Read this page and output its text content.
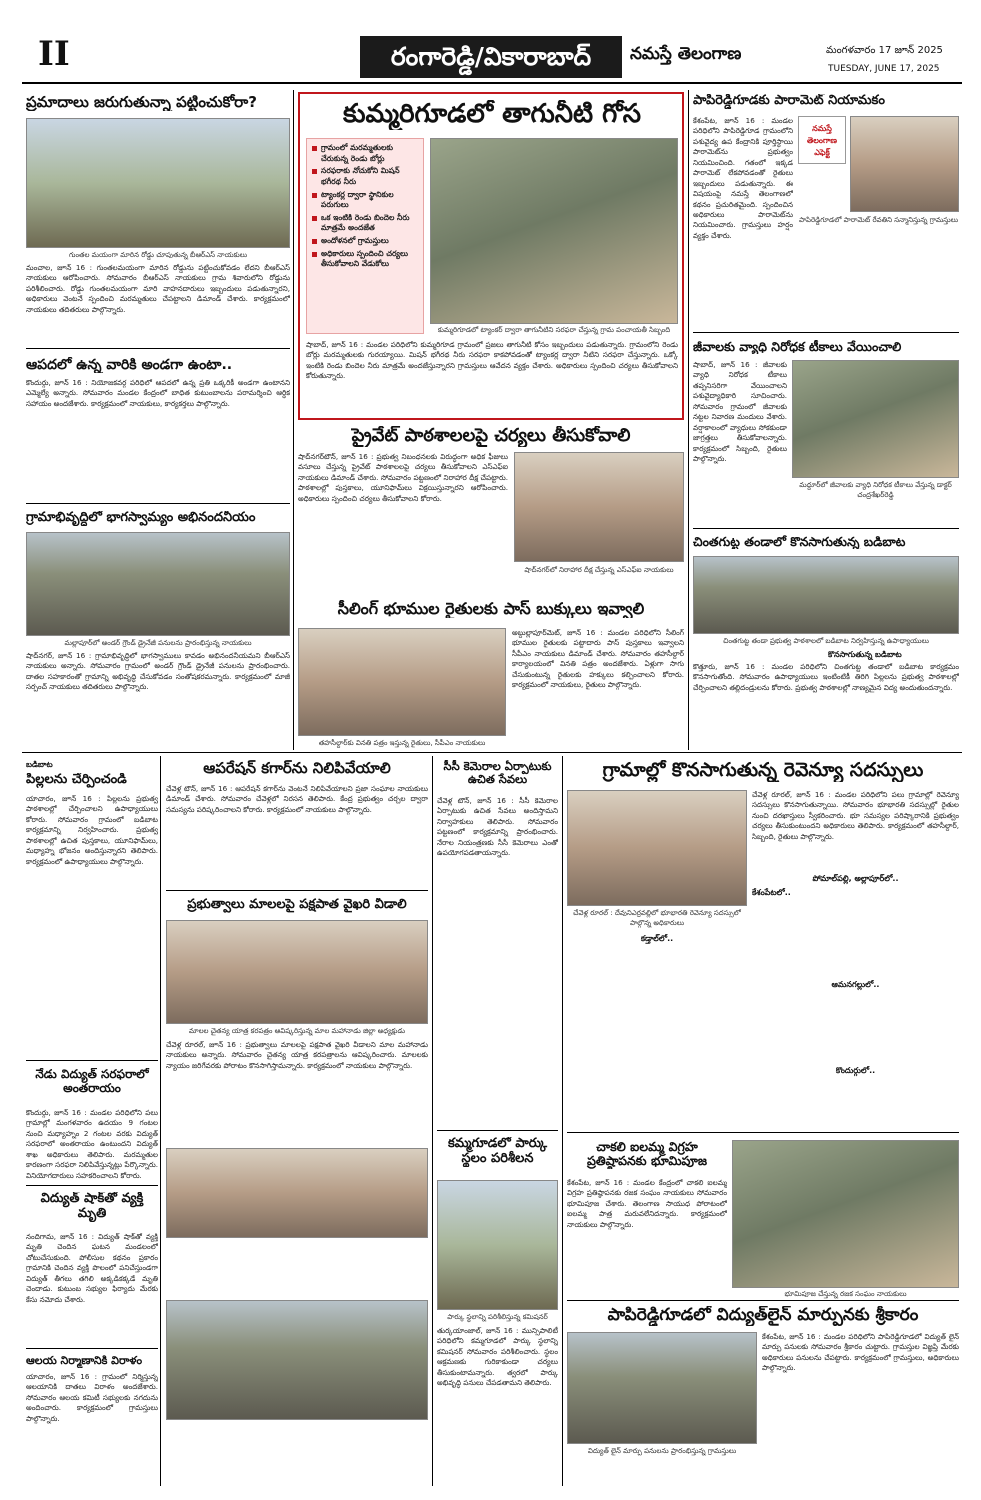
II	రంగారెడ్డి/వికారాబాద్	నమస్తే తెలంగాణ	మంగళవారం 17 జూన్ 2025
TUESDAY, JUNE 17, 2025
ప్రమాదాలు జరుగుతున్నా పట్టించుకోరా?
గుంతల మయంగా మారిన రోడ్డు చూపుతున్న బీఆర్‌ఎస్ నాయకులు
మంచాల, జూన్ 16 : గుంతలమయంగా మారిన రోడ్డును పట్టించుకోవడం లేదని బీఆర్‌ఎస్ నాయకులు ఆరోపించారు. సోమవారం బీఆర్‌ఎస్ నాయకులు గ్రామ శివారులోని రోడ్డును పరిశీలించారు. రోడ్డు గుంతలమయంగా మారి వాహనదారులు ఇబ్బందులు పడుతున్నారని, అధికారులు వెంటనే స్పందించి మరమ్మతులు చేపట్టాలని డిమాండ్ చేశారు. కార్యక్రమంలో నాయకులు తదితరులు పాల్గొన్నారు.
ఆపదలో ఉన్న వారికి అండగా ఉంటా..
కొందుర్గు, జూన్ 16 : నియోజకవర్గ పరిధిలో ఆపదలో ఉన్న ప్రతి ఒక్కరికీ అండగా ఉంటానని ఎమ్మెల్యే అన్నారు. సోమవారం మండల కేంద్రంలో బాధిత కుటుంబాలను పరామర్శించి ఆర్థిక సహాయం అందజేశారు. కార్యక్రమంలో నాయకులు, కార్యకర్తలు పాల్గొన్నారు.
గ్రామాభివృద్ధిలో భాగస్వామ్యం అభినందనీయం
మల్లాపూర్‌లో అండర్ గ్రౌండ్ డ్రైనేజీ పనులను ప్రారంభిస్తున్న నాయకులు
షాద్‌నగర్, జూన్ 16 : గ్రామాభివృద్ధిలో భాగస్వాములు కావడం అభినందనీయమని బీఆర్‌ఎస్ నాయకులు అన్నారు. సోమవారం గ్రామంలో అండర్ గ్రౌండ్ డ్రైనేజీ పనులను ప్రారంభించారు. దాతల సహకారంతో గ్రామాన్ని అభివృద్ధి చేసుకోవడం సంతోషకరమన్నారు. కార్యక్రమంలో మాజీ సర్పంచ్ నాయకులు తదితరులు పాల్గొన్నారు.
కుమ్మరిగూడలో తాగునీటి గోస
గ్రామంలో మరమ్మతులకు చేరుకున్న రెండు బోర్లు
సరఫరాకు నోచుకోని మిషన్ భగీరథ నీరు
ట్యాంకర్ల ద్వారా స్థానికుల పరుగులు
ఒక ఇంటికి రెండు బిందెల నీరు మాత్రమే అందజేత
అందోళనలో గ్రామస్తులు
అధికారులు స్పందించి చర్యలు తీసుకోవాలని వేడుకోలు
కుమ్మరిగూడలో ట్యాంకర్ ద్వారా తాగునీటిని సరఫరా చేస్తున్న గ్రామ పంచాయతీ సిబ్బంది
షాబాద్, జూన్ 16 : మండల పరిధిలోని కుమ్మరిగూడ గ్రామంలో ప్రజలు తాగునీటి కోసం ఇబ్బందులు పడుతున్నారు. గ్రామంలోని రెండు బోర్లు మరమ్మతులకు గురయ్యాయి. మిషన్ భగీరథ నీరు సరఫరా కాకపోవడంతో ట్యాంకర్ల ద్వారా నీటిని సరఫరా చేస్తున్నారు. ఒక్కో ఇంటికి రెండు బిందెల నీరు మాత్రమే అందజేస్తున్నారని గ్రామస్తులు ఆవేదన వ్యక్తం చేశారు. అధికారులు స్పందించి చర్యలు తీసుకోవాలని కోరుతున్నారు.
ప్రైవేట్ పాఠశాలలపై చర్యలు తీసుకోవాలి
షాద్‌నగర్‌టౌన్, జూన్ 16 : ప్రభుత్వ నిబంధనలకు విరుద్ధంగా అధిక ఫీజులు వసూలు చేస్తున్న ప్రైవేట్ పాఠశాలలపై చర్యలు తీసుకోవాలని ఎస్‌ఎఫ్‌ఐ నాయకులు డిమాండ్ చేశారు. సోమవారం పట్టణంలో నిరాహార దీక్ష చేపట్టారు. పాఠశాలల్లో పుస్తకాలు, యూనిఫామ్‌లు విక్రయిస్తున్నారని ఆరోపించారు. అధికారులు స్పందించి చర్యలు తీసుకోవాలని కోరారు.
షాద్‌నగర్‌లో నిరాహార దీక్ష చేస్తున్న ఎస్‌ఎఫ్‌ఐ నాయకులు
సీలింగ్ భూముల రైతులకు పాస్ బుక్కులు ఇవ్వాలి
తహసీల్దార్‌కు వినతి పత్రం ఇస్తున్న రైతులు, సీపీఎం నాయకులు
అబ్దుల్లాపూర్‌మెట్, జూన్ 16 : మండల పరిధిలోని సీలింగ్ భూముల రైతులకు పట్టాదారు పాస్ పుస్తకాలు ఇవ్వాలని సీపీఎం నాయకులు డిమాండ్ చేశారు. సోమవారం తహసీల్దార్ కార్యాలయంలో వినతి పత్రం అందజేశారు. ఏళ్లుగా సాగు చేసుకుంటున్న రైతులకు హక్కులు కల్పించాలని కోరారు. కార్యక్రమంలో నాయకులు, రైతులు పాల్గొన్నారు.
పాపిరెడ్డిగూడకు పారామెట్ నియామకం
కేశంపేట, జూన్ 16 : మండల పరిధిలోని పాపిరెడ్డిగూడ గ్రామంలోని పశువైద్య ఉప కేంద్రానికి పూర్తిస్థాయి పారామెట్‌ను ప్రభుత్వం నియమించింది. గతంలో ఇక్కడ పారామెట్ లేకపోవడంతో రైతులు ఇబ్బందులు పడుతున్నారు. ఈ విషయంపై నమస్తే తెలంగాణలో కథనం ప్రచురితమైంది. స్పందించిన అధికారులు పారామెట్‌ను నియమించారు. గ్రామస్తులు హర్షం వ్యక్తం చేశారు.
నమస్తే తెలంగాణ ఎఫెక్ట్
పాపిరెడ్డిగూడలో పారామెట్ రేవతిని సన్మానిస్తున్న గ్రామస్తులు
జీవాలకు వ్యాధి నిరోధక టీకాలు వేయించాలి
షాబాద్, జూన్ 16 : జీవాలకు వ్యాధి నిరోధక టీకాలు తప్పనిసరిగా వేయించాలని పశువైద్యాధికారి సూచించారు. సోమవారం గ్రామంలో జీవాలకు నట్టల నివారణ మందులు వేశారు. వర్షాకాలంలో వ్యాధులు సోకకుండా జాగ్రత్తలు తీసుకోవాలన్నారు. కార్యక్రమంలో సిబ్బంది, రైతులు పాల్గొన్నారు.
మద్దూర్‌లో జీవాలకు వ్యాధి నిరోధక టీకాలు వేస్తున్న డాక్టర్ చంద్రశేఖర్‌రెడ్డి
చింతగుట్ట తండాలో కొనసాగుతున్న బడిబాట
చింతగుట్ట తండా ప్రభుత్వ పాఠశాలలో బడిబాట నిర్వహిస్తున్న ఉపాధ్యాయులు
కొనసాగుతున్న బడిబాట
కొత్తూరు, జూన్ 16 : మండల పరిధిలోని చింతగుట్ట తండాలో బడిబాట కార్యక్రమం కొనసాగుతోంది. సోమవారం ఉపాధ్యాయులు ఇంటింటికీ తిరిగి పిల్లలను ప్రభుత్వ పాఠశాలల్లో చేర్పించాలని తల్లిదండ్రులను కోరారు. ప్రభుత్వ పాఠశాలల్లో నాణ్యమైన విద్య అందుతుందన్నారు.
బడిబాట
పిల్లలను చేర్పించండి
యాచారం, జూన్ 16 : పిల్లలను ప్రభుత్వ పాఠశాలల్లో చేర్పించాలని ఉపాధ్యాయులు కోరారు. సోమవారం గ్రామంలో బడిబాట కార్యక్రమాన్ని నిర్వహించారు. ప్రభుత్వ పాఠశాలల్లో ఉచిత పుస్తకాలు, యూనిఫామ్‌లు, మధ్యాహ్న భోజనం అందిస్తున్నారని తెలిపారు. కార్యక్రమంలో ఉపాధ్యాయులు పాల్గొన్నారు.
నేడు విద్యుత్ సరఫరాలో అంతరాయం
కొందుర్గు, జూన్ 16 : మండల పరిధిలోని పలు గ్రామాల్లో మంగళవారం ఉదయం 9 గంటల నుంచి మధ్యాహ్నం 2 గంటల వరకు విద్యుత్ సరఫరాలో అంతరాయం ఉంటుందని విద్యుత్ శాఖ అధికారులు తెలిపారు. మరమ్మతుల కారణంగా సరఫరా నిలిపివేస్తున్నట్లు పేర్కొన్నారు. వినియోగదారులు సహకరించాలని కోరారు.
విద్యుత్ షాక్‌తో వ్యక్తి మృతి
నందిగామ, జూన్ 16 : విద్యుత్ షాక్‌తో వ్యక్తి మృతి చెందిన ఘటన మండలంలో చోటుచేసుకుంది. పోలీసుల కథనం ప్రకారం గ్రామానికి చెందిన వ్యక్తి పొలంలో పనిచేస్తుండగా విద్యుత్ తీగలు తగిలి అక్కడికక్కడే మృతి చెందాడు. కుటుంబ సభ్యుల ఫిర్యాదు మేరకు కేసు నమోదు చేశారు.
ఆలయ నిర్మాణానికి విరాళం
యాచారం, జూన్ 16 : గ్రామంలో నిర్మిస్తున్న ఆలయానికి దాతలు విరాళం అందజేశారు. సోమవారం ఆలయ కమిటీ సభ్యులకు నగదును అందించారు. కార్యక్రమంలో గ్రామస్తులు పాల్గొన్నారు.
ఆపరేషన్ కగార్‌ను నిలిపివేయాలి
చేవెళ్ల టౌన్, జూన్ 16 : ఆపరేషన్ కగార్‌ను వెంటనే నిలిపివేయాలని ప్రజా సంఘాల నాయకులు డిమాండ్ చేశారు. సోమవారం చేవెళ్లలో నిరసన తెలిపారు. కేంద్ర ప్రభుత్వం చర్చల ద్వారా సమస్యను పరిష్కరించాలని కోరారు. కార్యక్రమంలో నాయకులు పాల్గొన్నారు.
ప్రభుత్వాలు మాలలపై పక్షపాత వైఖరి వీడాలి
మాలల చైతన్య యాత్ర కరపత్రం ఆవిష్కరిస్తున్న మాల మహానాడు జిల్లా అధ్యక్షుడు
చేవెళ్ల రూరల్, జూన్ 16 : ప్రభుత్వాలు మాలలపై పక్షపాత వైఖరి వీడాలని మాల మహానాడు నాయకులు అన్నారు. సోమవారం చైతన్య యాత్ర కరపత్రాలను ఆవిష్కరించారు. మాలలకు న్యాయం జరిగేవరకు పోరాటం కొనసాగిస్తామన్నారు. కార్యక్రమంలో నాయకులు పాల్గొన్నారు.
సీసీ కెమెరాల ఏర్పాటుకు ఉచిత సేవలు
చేవెళ్ల టౌన్, జూన్ 16 : సీసీ కెమెరాల ఏర్పాటుకు ఉచిత సేవలు అందిస్తామని నిర్వాహకులు తెలిపారు. సోమవారం పట్టణంలో కార్యక్రమాన్ని ప్రారంభించారు. నేరాల నియంత్రణకు సీసీ కెమెరాలు ఎంతో ఉపయోగపడతాయన్నారు.
కమ్మగూడలో పార్కు స్థలం పరిశీలన
పార్కు స్థలాన్ని పరిశీలిస్తున్న కమిషనర్
తుర్కయాంజాల్, జూన్ 16 : మున్సిపాలిటీ పరిధిలోని కమ్మగూడలో పార్కు స్థలాన్ని కమిషనర్ సోమవారం పరిశీలించారు. స్థలం ఆక్రమణకు గురికాకుండా చర్యలు తీసుకుంటామన్నారు. త్వరలో పార్కు అభివృద్ధి పనులు చేపడతామని తెలిపారు.
గ్రామాల్లో కొనసాగుతున్న రెవెన్యూ సదస్సులు
చేవెళ్ల రూరల్ : దేవునిఎర్రవల్లిలో భూభారతి రెవెన్యూ సదస్సులో పాల్గొన్న అధికారులు
చేవెళ్ల రూరల్, జూన్ 16 : మండల పరిధిలోని పలు గ్రామాల్లో రెవెన్యూ సదస్సులు కొనసాగుతున్నాయి. సోమవారం భూభారతి సదస్సుల్లో రైతుల నుంచి దరఖాస్తులు స్వీకరించారు. భూ సమస్యల పరిష్కారానికి ప్రభుత్వం చర్యలు తీసుకుంటుందని అధికారులు తెలిపారు. కార్యక్రమంలో తహసీల్దార్, సిబ్బంది, రైతులు పాల్గొన్నారు.
పోమాల్‌పల్లి, అల్లాపూర్‌లో..
కేశంపేటలో..
ఆమనగల్లులో..
కొందుర్గులో..
కడ్తాల్‌లో..
చాకలి ఐలమ్మ విగ్రహ ప్రతిష్ఠాపనకు భూమిపూజ
కేశంపేట, జూన్ 16 : మండల కేంద్రంలో చాకలి ఐలమ్మ విగ్రహ ప్రతిష్ఠాపనకు రజక సంఘం నాయకులు సోమవారం భూమిపూజ చేశారు. తెలంగాణ సాయుధ పోరాటంలో ఐలమ్మ పాత్ర మరువలేనిదన్నారు. కార్యక్రమంలో నాయకులు పాల్గొన్నారు.
భూమిపూజ చేస్తున్న రజక సంఘం నాయకులు
పాపిరెడ్డిగూడలో విద్యుత్‌లైన్ మార్పునకు శ్రీకారం
విద్యుత్ లైన్ మార్పు పనులను ప్రారంభిస్తున్న గ్రామస్తులు
కేశంపేట, జూన్ 16 : మండల పరిధిలోని పాపిరెడ్డిగూడలో విద్యుత్ లైన్ మార్పు పనులకు సోమవారం శ్రీకారం చుట్టారు. గ్రామస్తుల విజ్ఞప్తి మేరకు అధికారులు పనులను చేపట్టారు. కార్యక్రమంలో గ్రామస్తులు, అధికారులు పాల్గొన్నారు.
